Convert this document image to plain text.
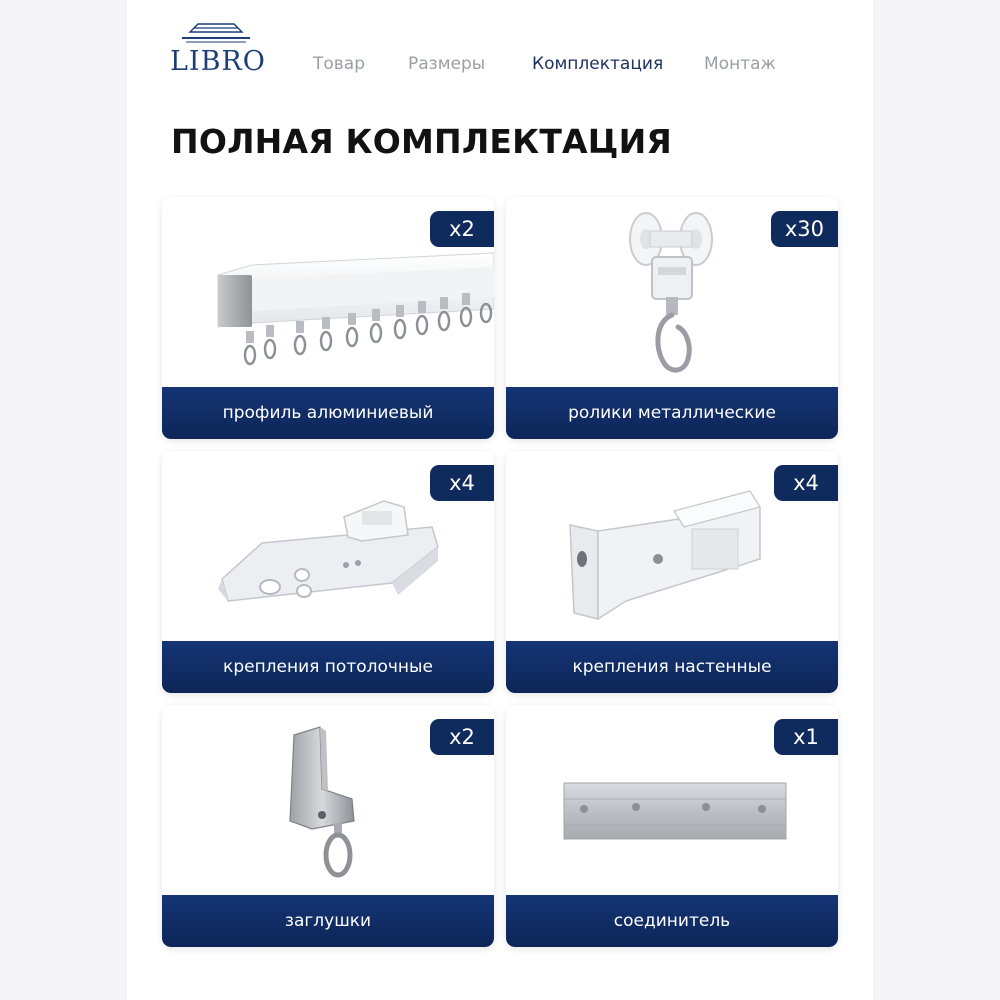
LIBRO	Товар	Размеры	Комплектация Монтаж
ПОЛНАЯ КОМПЛЕКТАЦИЯ
x2
профиль алюминиевый
x30
ролики металлические
x4
крепления потолочные
x4
крепления настенные
x2
заглушки
x1
соединитель
